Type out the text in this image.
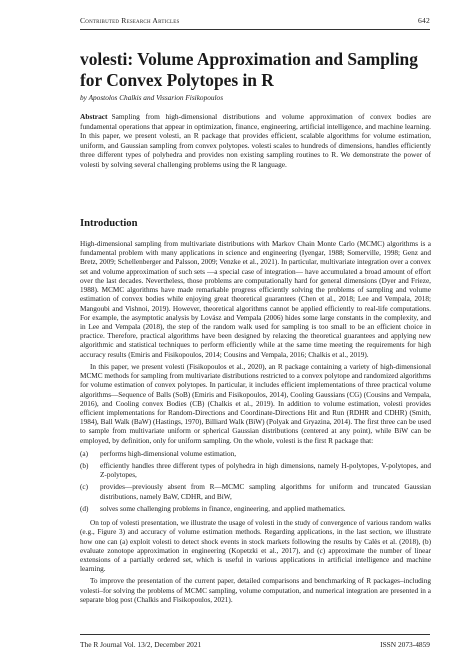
Contributed Research Articles	642
volesti: Volume Approximation and Sampling for Convex Polytopes in R

by Apostolos Chalkis and Vissarion Fisikopoulos

Abstract Sampling from high-dimensional distributions and volume approximation of convex bodies are fundamental operations that appear in optimization, finance, engineering, artificial intelligence, and machine learning. In this paper, we present volesti, an R package that provides efficient, scalable algorithms for volume estimation, uniform, and Gaussian sampling from convex polytopes. volesti scales to hundreds of dimensions, handles efficiently three different types of polyhedra and provides non existing sampling routines to R. We demonstrate the power of volesti by solving several challenging problems using the R language.

Introduction

High-dimensional sampling from multivariate distributions with Markov Chain Monte Carlo (MCMC) algorithms is a fundamental problem with many applications in science and engineering (Iyengar, 1988; Somerville, 1998; Genz and Bretz, 2009; Schellenberger and Palsson, 2009; Venzke et al., 2021). In particular, multivariate integration over a convex set and volume approximation of such sets —a special case of integration— have accumulated a broad amount of effort over the last decades. Nevertheless, those problems are computationally hard for general dimensions (Dyer and Frieze, 1988). MCMC algorithms have made remarkable progress efficiently solving the problems of sampling and volume estimation of convex bodies while enjoying great theoretical guarantees (Chen et al., 2018; Lee and Vempala, 2018; Mangoubi and Vishnoi, 2019). However, theoretical algorithms cannot be applied efficiently to real-life computations. For example, the asymptotic analysis by Lovász and Vempala (2006) hides some large constants in the complexity, and in Lee and Vempala (2018), the step of the random walk used for sampling is too small to be an efficient choice in practice. Therefore, practical algorithms have been designed by relaxing the theoretical guarantees and applying new algorithmic and statistical techniques to perform efficiently while at the same time meeting the requirements for high accuracy results (Emiris and Fisikopoulos, 2014; Cousins and Vempala, 2016; Chalkis et al., 2019).

In this paper, we present volesti (Fisikopoulos et al., 2020), an R package containing a variety of high-dimensional MCMC methods for sampling from multivariate distributions restricted to a convex polytope and randomized algorithms for volume estimation of convex polytopes. In particular, it includes efficient implementations of three practical volume algorithms—Sequence of Balls (SoB) (Emiris and Fisikopoulos, 2014), Cooling Gaussians (CG) (Cousins and Vempala, 2016), and Cooling convex Bodies (CB) (Chalkis et al., 2019). In addition to volume estimation, volesti provides efficient implementations for Random-Directions and Coordinate-Directions Hit and Run (RDHR and CDHR) (Smith, 1984), Ball Walk (BaW) (Hastings, 1970), Billiard Walk (BiW) (Polyak and Gryazina, 2014). The first three can be used to sample from multivariate uniform or spherical Gaussian distributions (centered at any point), while BiW can be employed, by definition, only for uniform sampling. On the whole, volesti is the first R package that:

(a)	performs high-dimensional volume estimation,
(b)	efficiently handles three different types of polyhedra in high dimensions, namely H-polytopes, V-polytopes, and Z-polytopes,
(c)	provides—previously absent from R—MCMC sampling algorithms for uniform and truncated Gaussian distributions, namely BaW, CDHR, and BiW,
(d)	solves some challenging problems in finance, engineering, and applied mathematics.

On top of volesti presentation, we illustrate the usage of volesti in the study of convergence of various random walks (e.g., Figure 3) and accuracy of volume estimation methods. Regarding applications, in the last section, we illustrate how one can (a) exploit volesti to detect shock events in stock markets following the results by Calès et al. (2018), (b) evaluate zonotope approximation in engineering (Kopetzki et al., 2017), and (c) approximate the number of linear extensions of a partially ordered set, which is useful in various applications in artificial intelligence and machine learning.

To improve the presentation of the current paper, detailed comparisons and benchmarking of R packages–including volesti–for solving the problems of MCMC sampling, volume computation, and numerical integration are presented in a separate blog post (Chalkis and Fisikopoulos, 2021).

The R Journal Vol. 13/2, December 2021	ISSN 2073-4859
